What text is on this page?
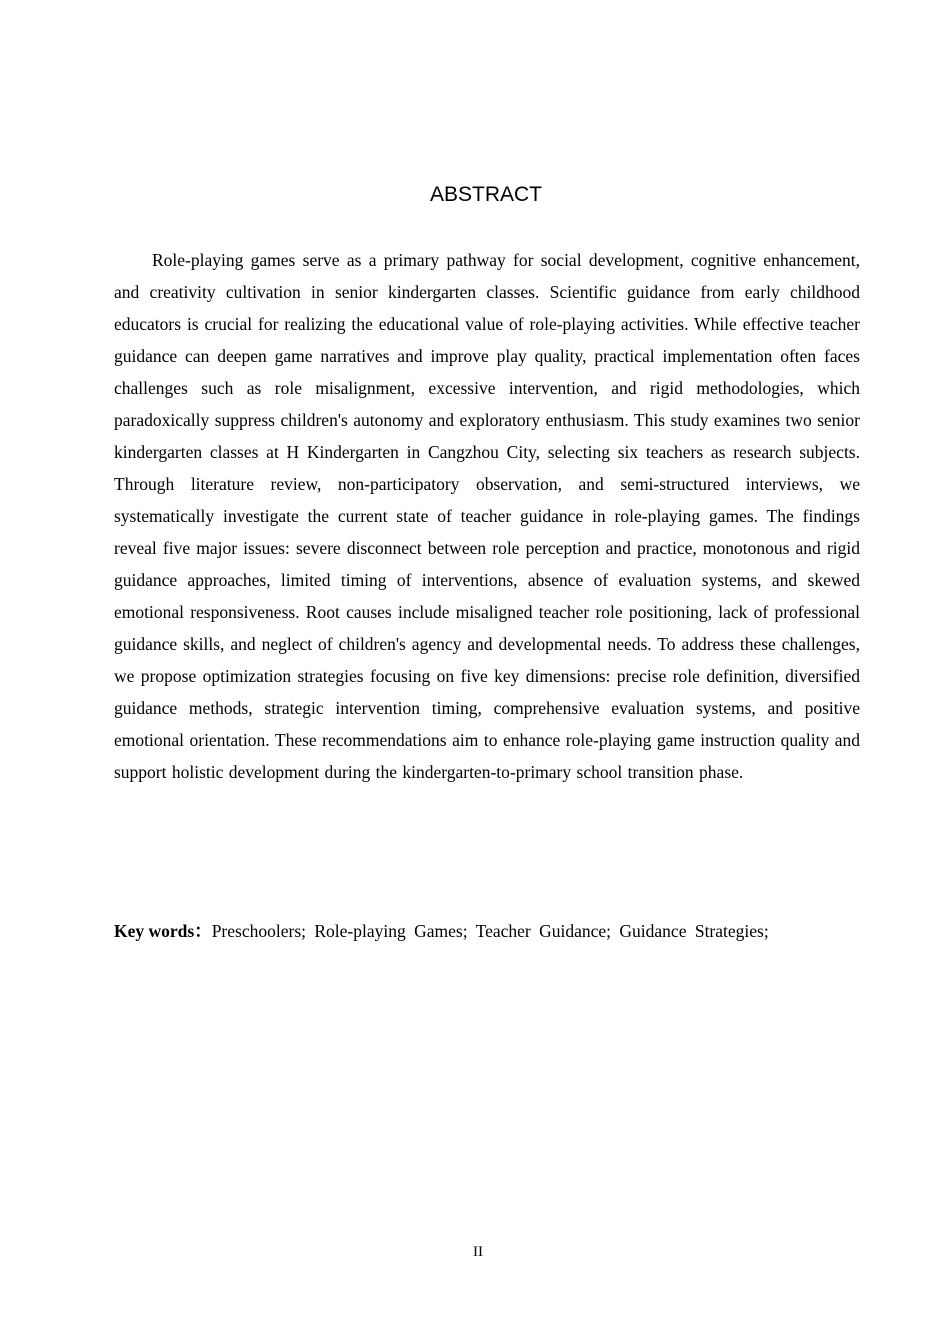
ABSTRACT

Role-playing games serve as a primary pathway for social development, cognitive enhancement, and creativity cultivation in senior kindergarten classes. Scientific guidance from early childhood educators is crucial for realizing the educational value of role-playing activities. While effective teacher guidance can deepen game narratives and improve play quality, practical implementation often faces challenges such as role misalignment, excessive intervention, and rigid methodologies, which paradoxically suppress children's autonomy and exploratory enthusiasm. This study examines two senior kindergarten classes at H Kindergarten in Cangzhou City, selecting six teachers as research subjects. Through literature review, non-participatory observation, and semi-structured interviews, we systematically investigate the current state of teacher guidance in role-playing games. The findings reveal five major issues: severe disconnect between role perception and practice, monotonous and rigid guidance approaches, limited timing of interventions, absence of evaluation systems, and skewed emotional responsiveness. Root causes include misaligned teacher role positioning, lack of professional guidance skills, and neglect of children's agency and developmental needs. To address these challenges, we propose optimization strategies focusing on five key dimensions: precise role definition, diversified guidance methods, strategic intervention timing, comprehensive evaluation systems, and positive emotional orientation. These recommendations aim to enhance role-playing game instruction quality and support holistic development during the kindergarten-to-primary school transition phase.

Key words：Preschoolers; Role-playing Games; Teacher Guidance; Guidance Strategies;
II
